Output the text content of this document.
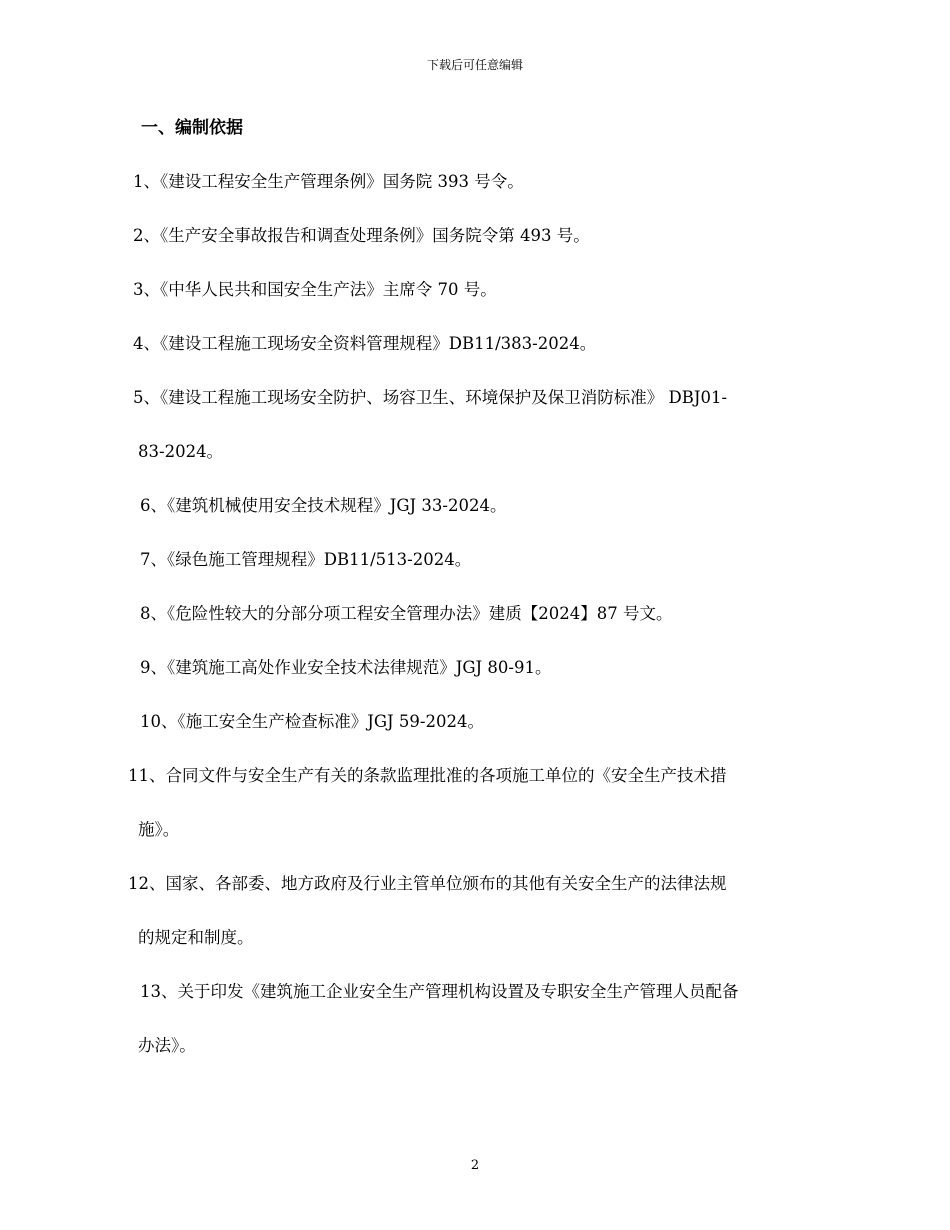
下载后可任意编辑
一、编制依据
1、《建设工程安全生产管理条例》国务院 393 号令。
2、《生产安全事故报告和调查处理条例》国务院令第 493 号。
3、《中华人民共和国安全生产法》主席令 70 号。
4、《建设工程施工现场安全资料管理规程》DB11/383-2024。
5、《建设工程施工现场安全防护、场容卫生、环境保护及保卫消防标准》 DBJ01-
83-2024。
6、《建筑机械使用安全技术规程》JGJ 33-2024。
7、《绿色施工管理规程》DB11/513-2024。
8、《危险性较大的分部分项工程安全管理办法》建质【2024】87 号文。
9、《建筑施工高处作业安全技术法律规范》JGJ 80-91。
10、《施工安全生产检查标准》JGJ 59-2024。
11、合同文件与安全生产有关的条款监理批准的各项施工单位的《安全生产技术措
施》。
12、国家、各部委、地方政府及行业主管单位颁布的其他有关安全生产的法律法规
的规定和制度。
13、关于印发《建筑施工企业安全生产管理机构设置及专职安全生产管理人员配备
办法》。
2
